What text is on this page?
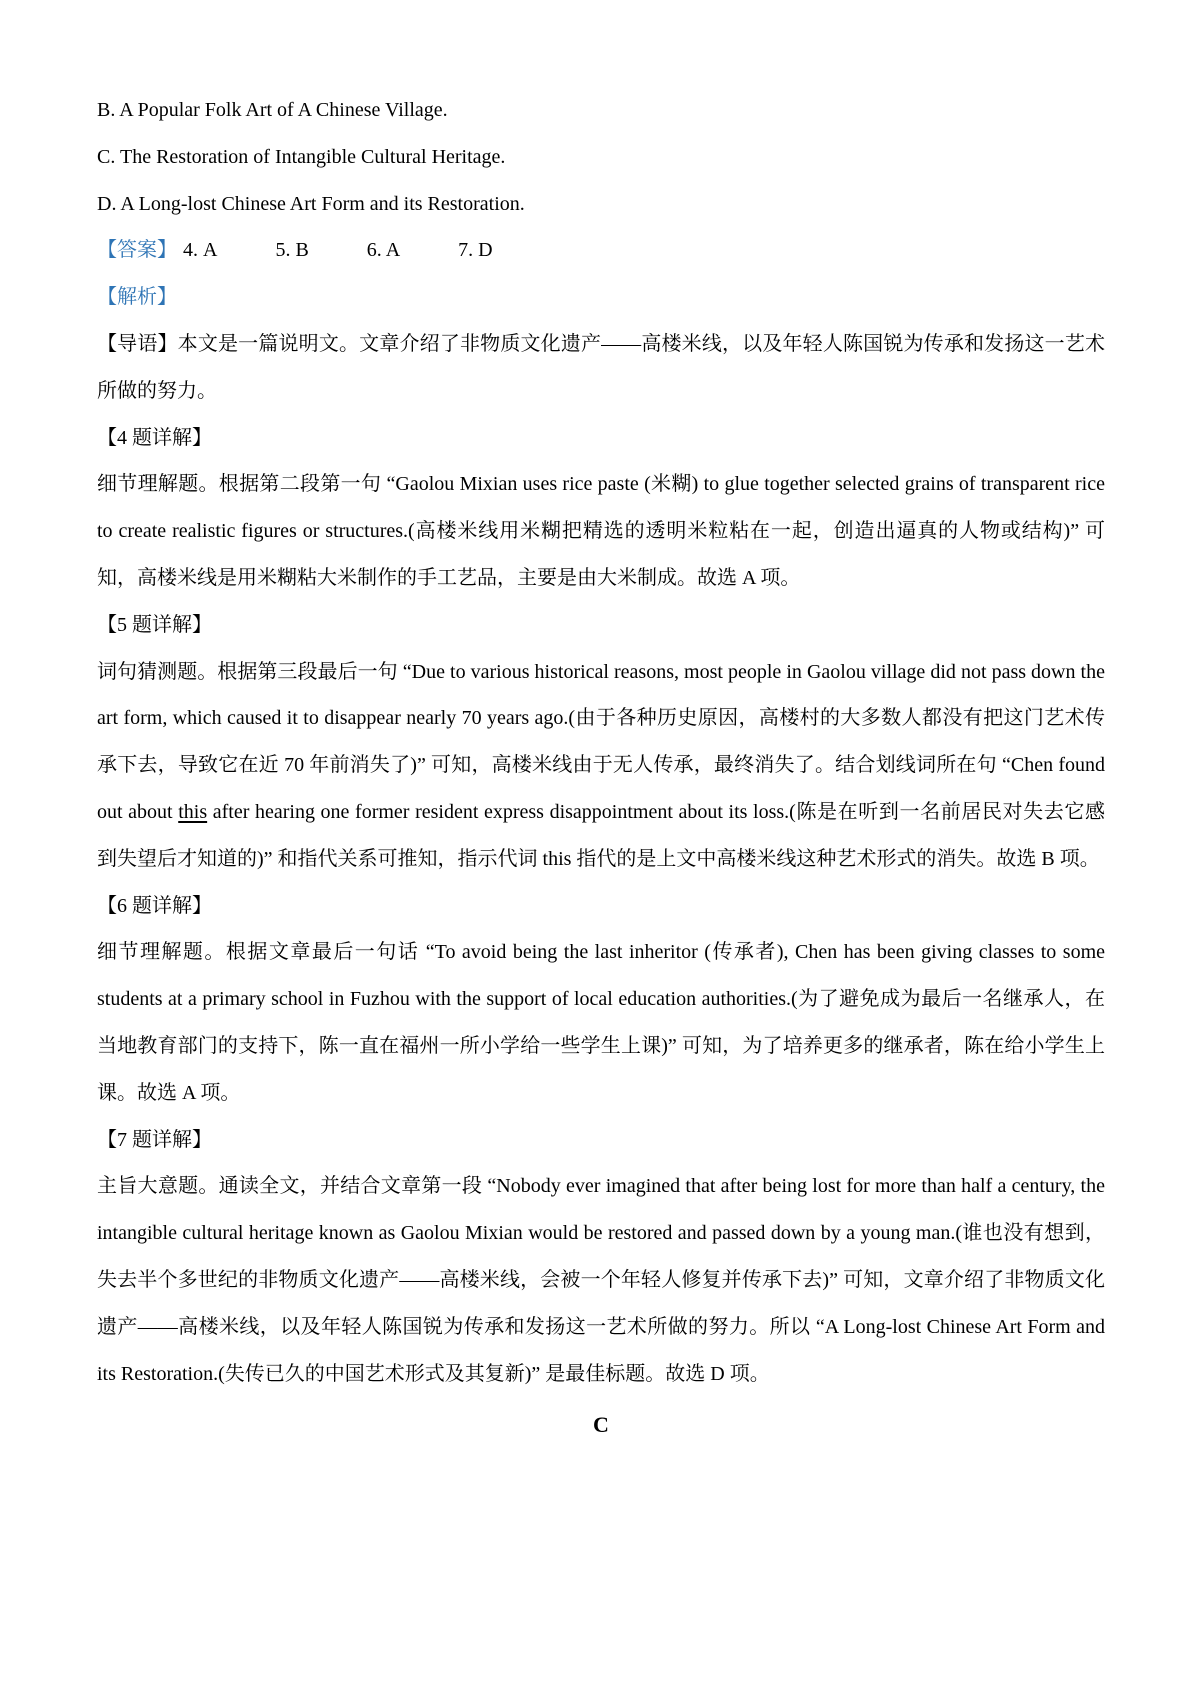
B. A Popular Folk Art of A Chinese Village.

C. The Restoration of Intangible Cultural Heritage.

D. A Long-lost Chinese Art Form and its Restoration.

【答案】 4. A	5. B	6. A	7. D

【解析】

【导语】本文是一篇说明文。文章介绍了非物质文化遗产——高楼米线，以及年轻人陈国锐为传承和发扬这一艺术所做的努力。

【4 题详解】

细节理解题。根据第二段第一句 “Gaolou Mixian uses rice paste (米糊) to glue together selected grains of transparent rice to create realistic figures or structures.(高楼米线用米糊把精选的透明米粒粘在一起，创造出逼真的人物或结构)” 可知，高楼米线是用米糊粘大米制作的手工艺品，主要是由大米制成。故选 A 项。

【5 题详解】

词句猜测题。根据第三段最后一句 “Due to various historical reasons, most people in Gaolou village did not pass down the art form, which caused it to disappear nearly 70 years ago.(由于各种历史原因，高楼村的大多数人都没有把这门艺术传承下去，导致它在近 70 年前消失了)” 可知，高楼米线由于无人传承，最终消失了。结合划线词所在句 “Chen found out about this after hearing one former resident express disappointment about its loss.(陈是在听到一名前居民对失去它感到失望后才知道的)” 和指代关系可推知，指示代词 this 指代的是上文中高楼米线这种艺术形式的消失。故选 B 项。

【6 题详解】

细节理解题。根据文章最后一句话 “To avoid being the last inheritor (传承者), Chen has been giving classes to some students at a primary school in Fuzhou with the support of local education authorities.(为了避免成为最后一名继承人，在当地教育部门的支持下，陈一直在福州一所小学给一些学生上课)” 可知，为了培养更多的继承者，陈在给小学生上课。故选 A 项。

【7 题详解】

主旨大意题。通读全文，并结合文章第一段 “Nobody ever imagined that after being lost for more than half a century, the intangible cultural heritage known as Gaolou Mixian would be restored and passed down by a young man.(谁也没有想到，失去半个多世纪的非物质文化遗产——高楼米线，会被一个年轻人修复并传承下去)” 可知，文章介绍了非物质文化遗产——高楼米线，以及年轻人陈国锐为传承和发扬这一艺术所做的努力。所以 “A Long-lost Chinese Art Form and its Restoration.(失传已久的中国艺术形式及其复新)” 是最佳标题。故选 D 项。

C
